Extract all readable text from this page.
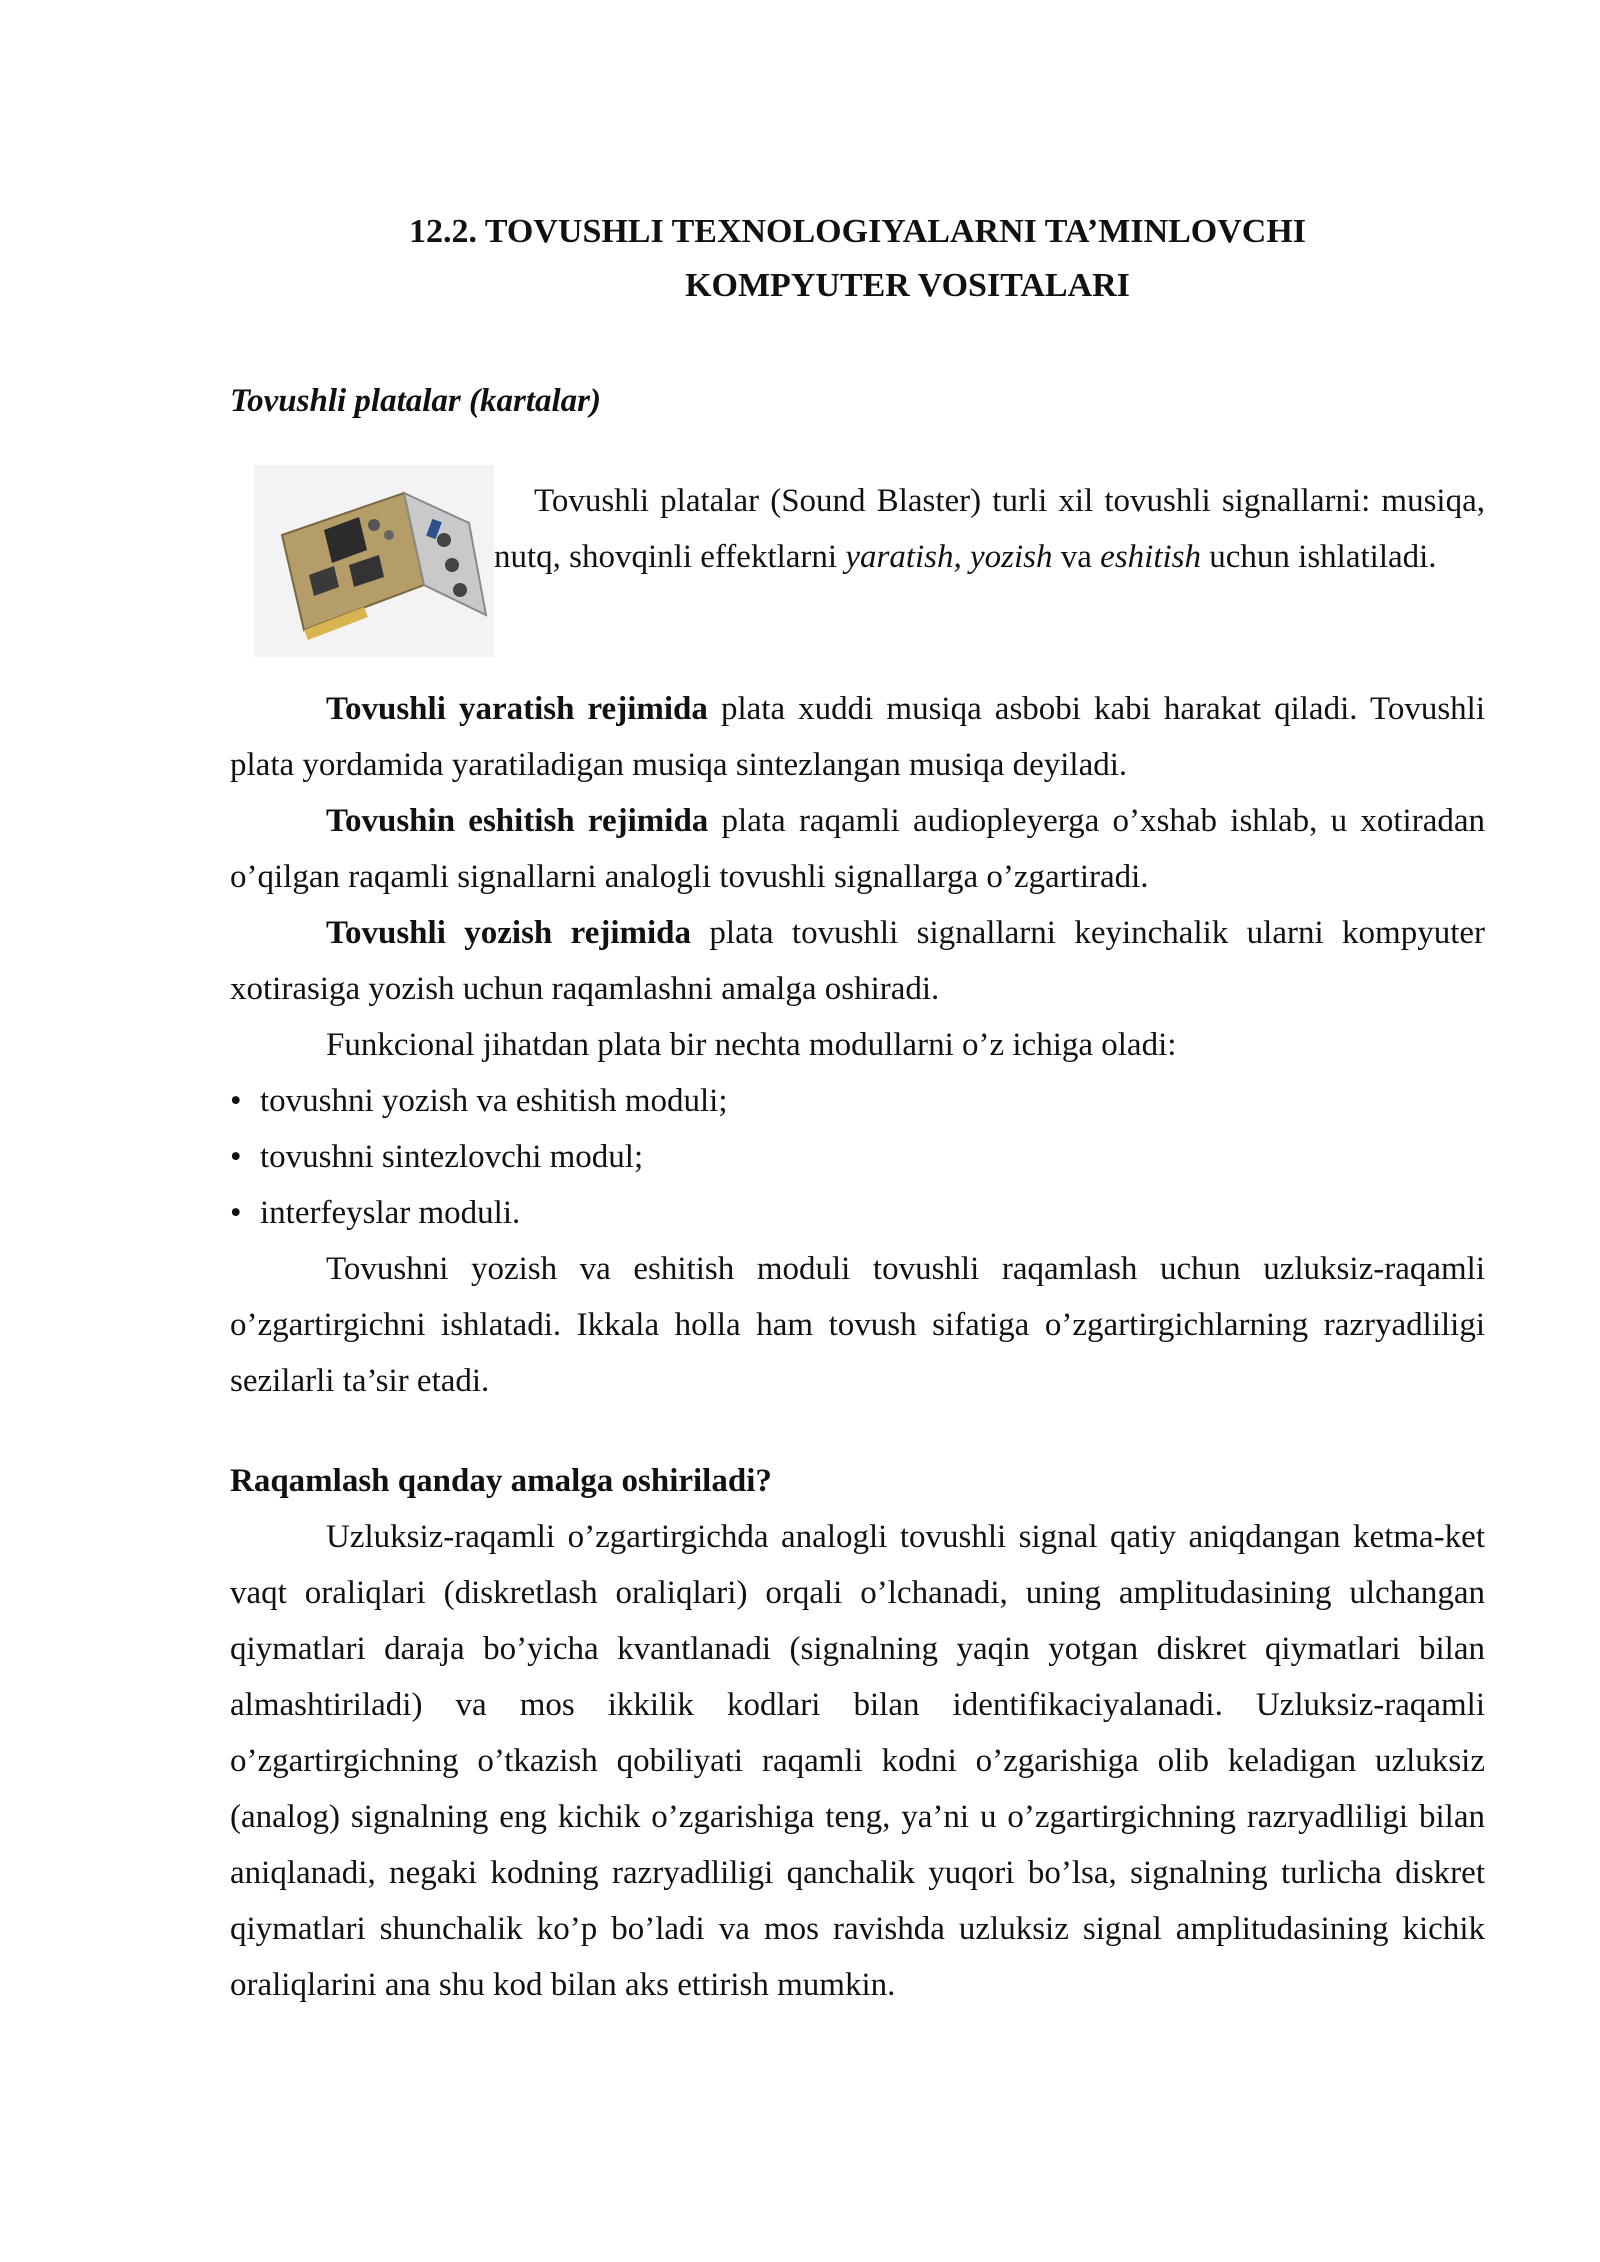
12.2. TOVUSHLI TEXNOLOGIYALARNI TA’MINLOVCHI
KOMPYUTER VOSITALARI
Tovushli platalar (kartalar)

Tovushli platalar (Sound Blaster) turli xil tovushli signallarni: musiqa, nutq, shovqinli effektlarni yaratish, yozish va eshitish uchun ishlatiladi.

Tovushli yaratish rejimida plata xuddi musiqa asbobi kabi harakat qiladi. Tovushli plata yordamida yaratiladigan musiqa sintezlangan musiqa deyiladi.

Tovushin eshitish rejimida plata raqamli audiopleyerga o’xshab ishlab, u xotiradan o’qilgan raqamli signallarni analogli tovushli signallarga o’zgartiradi.

Tovushli yozish rejimida plata tovushli signallarni keyinchalik ularni kompyuter xotirasiga yozish uchun raqamlashni amalga oshiradi.

Funkcional jihatdan plata bir nechta modullarni o’z ichiga oladi:

• tovushni yozish va eshitish moduli;
• tovushni sintezlovchi modul;
• interfeyslar moduli.

Tovushni yozish va eshitish moduli tovushli raqamlash uchun uzluksiz-raqamli o’zgartirgichni ishlatadi. Ikkala holla ham tovush sifatiga o’zgartirgichlarning razryadliligi sezilarli ta’sir etadi.

Raqamlash qanday amalga oshiriladi?

Uzluksiz-raqamli o’zgartirgichda analogli tovushli signal qatiy aniqdangan ketma-ket vaqt oraliqlari (diskretlash oraliqlari) orqali o’lchanadi, uning amplitudasining ulchangan qiymatlari daraja bo’yicha kvantlanadi (signalning yaqin yotgan diskret qiymatlari bilan almashtiriladi) va mos ikkilik kodlari bilan identifikaciyalanadi. Uzluksiz-raqamli o’zgartirgichning o’tkazish qobiliyati raqamli kodni o’zgarishiga olib keladigan uzluksiz (analog) signalning eng kichik o’zgarishiga teng, ya’ni u o’zgartirgichning razryadliligi bilan aniqlanadi, negaki kodning razryadliligi qanchalik yuqori bo’lsa, signalning turlicha diskret qiymatlari shunchalik ko’p bo’ladi va mos ravishda uzluksiz signal amplitudasining kichik oraliqlarini ana shu kod bilan aks ettirish mumkin.
